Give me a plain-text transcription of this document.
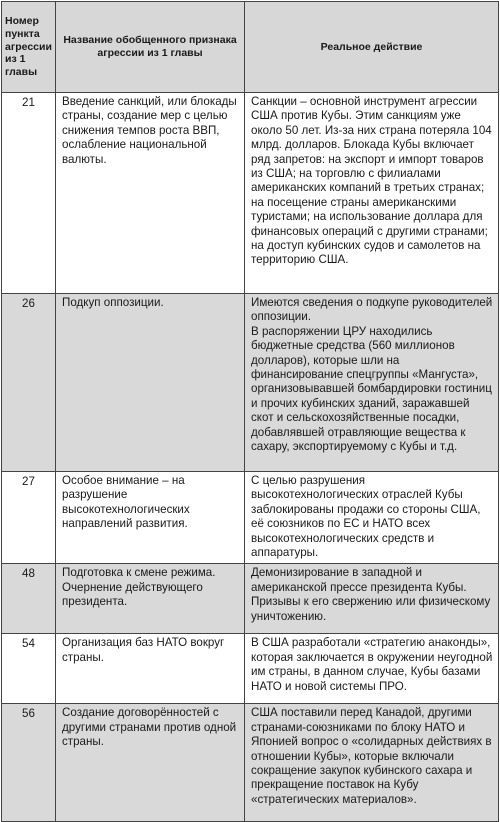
Номер пункта агрессии из 1 главы	Название обобщенного признака агрессии из 1 главы	Реальное действие
21	Введение санкций, или блокады страны, создание мер с целью снижения темпов роста ВВП, ослабление национальной валюты.	Санкции – основной инструмент агрессии США против Кубы. Этим санкциям уже около 50 лет. Из-за них страна потеряла 104 млрд. долларов. Блокада Кубы включает ряд запретов: на экспорт и импорт товаров из США; на торговлю с филиалами американских компаний в третьих странах; на посещение страны американскими туристами; на использование доллара для финансовых операций с другими странами; на доступ кубинских судов и самолетов на территорию США.

26	Подкуп оппозиции.	Имеются сведения о подкупе руководителей оппозиции.
В распоряжении ЦРУ находились бюджетные средства (560 миллионов долларов), которые шли на финансирование спецгруппы «Мангуста», организовывавшей бомбардировки гостиниц и прочих кубинских зданий, заражавшей скот и сельскохозяйственные посадки, добавлявшей отравляющие вещества к сахару, экспортируемому с Кубы и т.д.

27	Особое внимание – на разрушение высокотехнологических направлений развития.	С целью разрушения высокотехнологических отраслей Кубы заблокированы продажи со стороны США, её союзников по ЕС и НАТО всех высокотехнологических средств и аппаратуры.

48	Подготовка к смене режима. Очернение действующего президента.	Демонизирование в западной и американской прессе президента Кубы. Призывы к его свержению или физическому уничтожению.

54	Организация баз НАТО вокруг страны.	В США разработали «стратегию анаконды», которая заключается в окружении неугодной им страны, в данном случае, Кубы базами НАТО и новой системы ПРО.

56	Создание договорённостей с другими странами против одной страны.	США поставили перед Канадой, другими странами-союзниками по блоку НАТО и Японией вопрос о «солидарных действиях в отношении Кубы», которые включали сокращение закупок кубинского сахара и прекращение поставок на Кубу «стратегических материалов».
